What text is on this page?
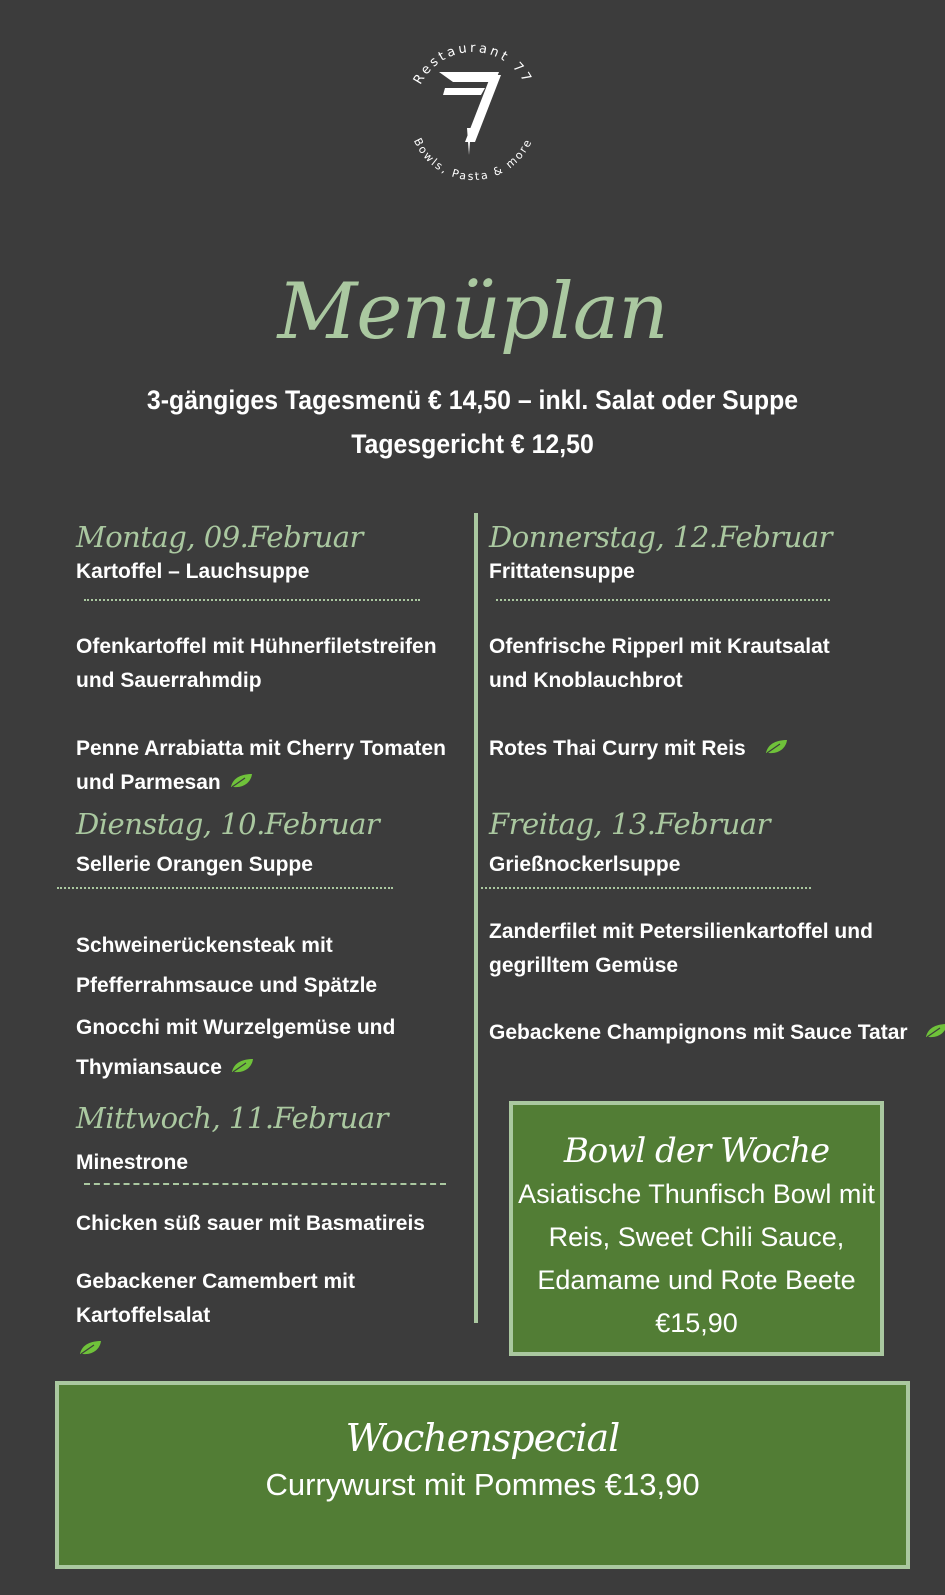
Restaurant 77
Bowls, Pasta & more
Menüplan
3-gängiges Tagesmenü € 14,50 – inkl. Salat oder Suppe
Tagesgericht € 12,50
Montag, 09.Februar
Kartoffel – Lauchsuppe
Ofenkartoffel mit Hühnerfiletstreifen und Sauerrahmdip
Penne Arrabiatta mit Cherry Tomaten und Parmesan
Dienstag, 10.Februar
Sellerie Orangen Suppe
Schweinerückensteak mit Pfefferrahmsauce und Spätzle
Gnocchi mit Wurzelgemüse und Thymiansauce
Mittwoch, 11.Februar
Minestrone
Chicken süß sauer mit Basmatireis
Gebackener Camembert mit Kartoffelsalat
Donnerstag, 12.Februar
Frittatensuppe
Ofenfrische Ripperl mit Krautsalat und Knoblauchbrot
Rotes Thai Curry mit Reis
Freitag, 13.Februar
Grießnockerlsuppe
Zanderfilet mit Petersilienkartoffel und gegrilltem Gemüse
Gebackene Champignons mit Sauce Tatar
Bowl der Woche
Asiatische Thunfisch Bowl mit
Reis, Sweet Chili Sauce,
Edamame und Rote Beete
€15,90
Wochenspecial
Currywurst mit Pommes €13,90
